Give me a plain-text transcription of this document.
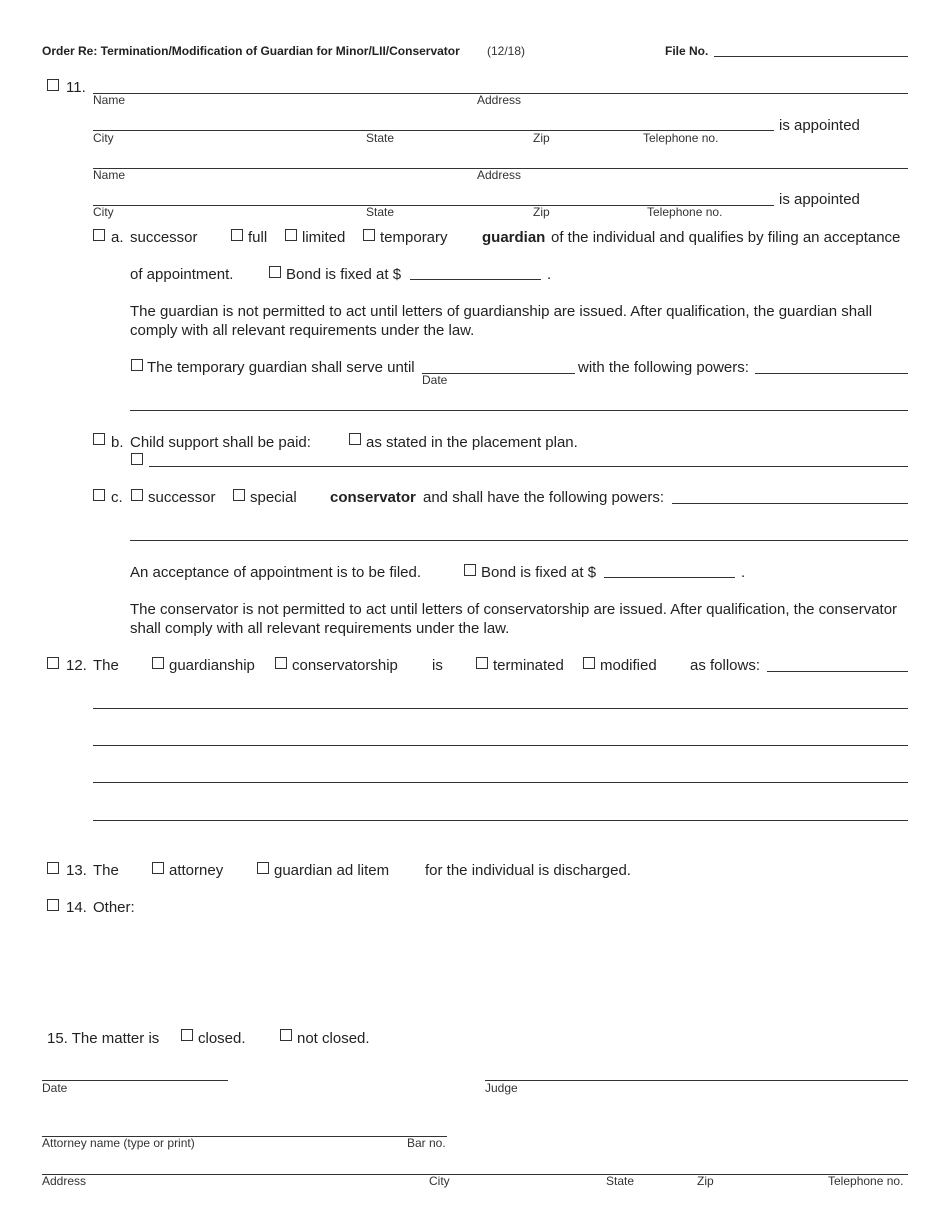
Order Re: Termination/Modification of Guardian for Minor/LII/Conservator (12/18)	File No.
11.
Name	Address
is appointed
City	State	Zip	Telephone no.
Name	Address
is appointed
City	State	Zip	Telephone no.
a. successor	full limited temporary guardian of the individual and qualifies by filing an acceptance
of appointment.	Bond is fixed at $	.
The guardian is not permitted to act until letters of guardianship are issued. After qualification, the guardian shall
comply with all relevant requirements under the law.
The temporary guardian shall serve until
Date
with the following powers:
b. Child support shall be paid:	as stated in the placement plan.
c. successor special conservator and shall have the following powers:
An acceptance of appointment is to be filed.	Bond is fixed at $	.
The conservator is not permitted to act until letters of conservatorship are issued. After qualification, the conservator
shall comply with all relevant requirements under the law.
12. The	guardianship conservatorship is	terminated modified as follows:
13. The	attorney	guardian ad litem for the individual is discharged.
14. Other:
15. The matter is	closed.	not closed.
Date	Judge
Attorney name (type or print)	Bar no.
Address	City	State	Zip	Telephone no.
